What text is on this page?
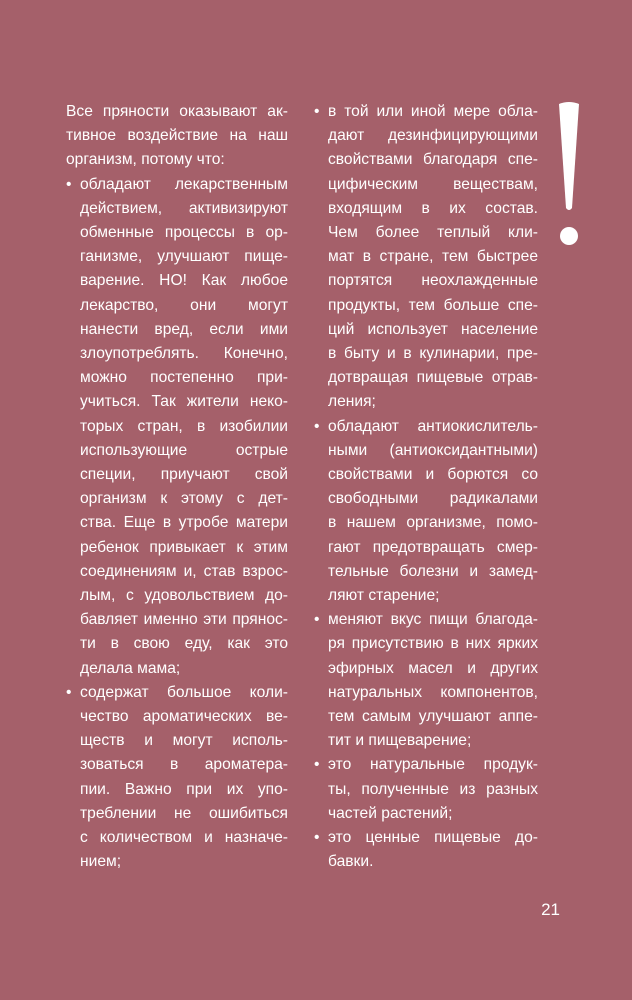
Все пряности оказывают ак-
тивное воздействие на наш
организм, потому что:
• обладают лекарственным
действием, активизируют
обменные процессы в ор-
ганизме, улучшают пище-
варение. НО! Как любое
лекарство, они могут
нанести вред, если ими
злоупотреблять. Конечно,
можно постепенно при-
учиться. Так жители неко-
торых стран, в изобилии
использующие острые
специи, приучают свой
организм к этому с дет-
ства. Еще в утробе матери
ребенок привыкает к этим
соединениям и, став взрос-
лым, с удовольствием до-
бавляет именно эти прянос-
ти в свою еду, как это
делала мама;
• содержат большое коли-
чество ароматических ве-
ществ и могут исполь-
зоваться в ароматера-
пии. Важно при их упо-
треблении не ошибиться
с количеством и назначе-
нием;
• в той или иной мере обла-
дают дезинфицирующими
свойствами благодаря спе-
цифическим веществам,
входящим в их состав.
Чем более теплый кли-
мат в стране, тем быстрее
портятся неохлажденные
продукты, тем больше спе-
ций использует население
в быту и в кулинарии, пре-
дотвращая пищевые отрав-
ления;
• обладают антиокислитель-
ными (антиоксидантными)
свойствами и борются со
свободными радикалами
в нашем организме, помо-
гают предотвращать смер-
тельные болезни и замед-
ляют старение;
• меняют вкус пищи благода-
ря присутствию в них ярких
эфирных масел и других
натуральных компонентов,
тем самым улучшают аппе-
тит и пищеварение;
• это натуральные продук-
ты, полученные из разных
частей растений;
• это ценные пищевые до-
бавки.
21
